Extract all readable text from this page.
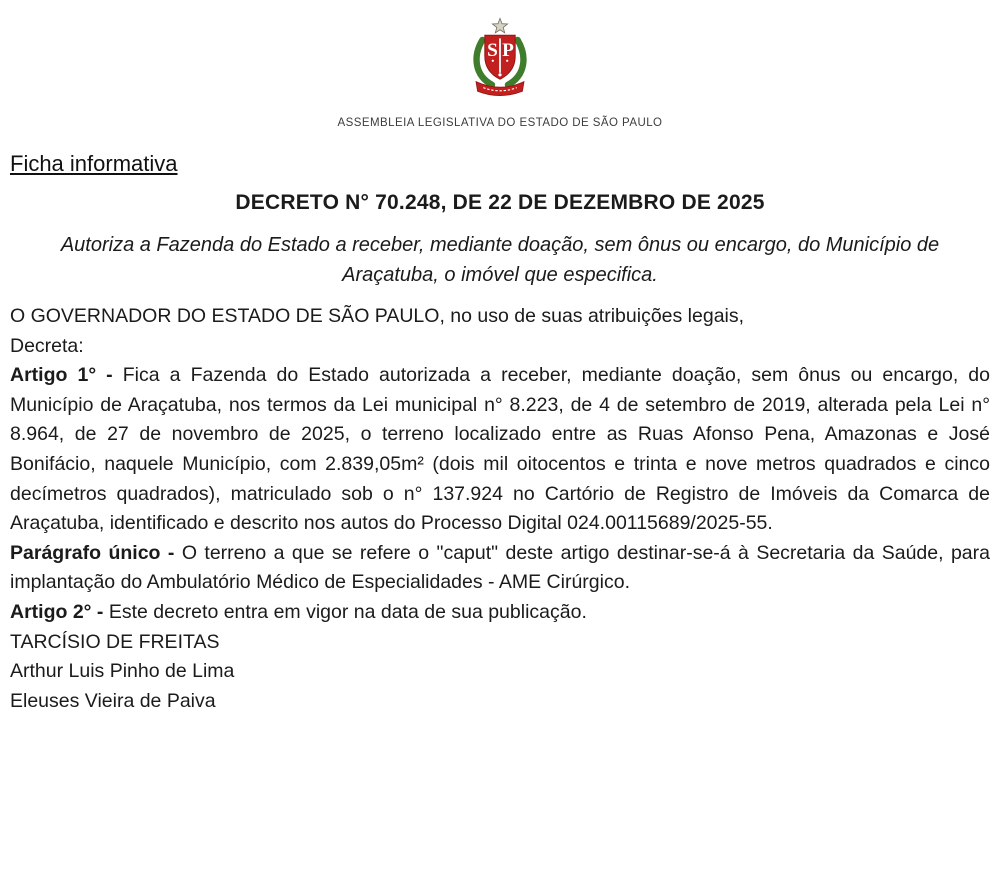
S P
ASSEMBLEIA LEGISLATIVA DO ESTADO DE SÃO PAULO
Ficha informativa
DECRETO N° 70.248, DE 22 DE DEZEMBRO DE 2025

Autoriza a Fazenda do Estado a receber, mediante doação, sem ônus ou encargo, do Município de Araçatuba, o imóvel que especifica.

O GOVERNADOR DO ESTADO DE SÃO PAULO, no uso de suas atribuições legais,
Decreta:

Artigo 1° - Fica a Fazenda do Estado autorizada a receber, mediante doação, sem ônus ou encargo, do Município de Araçatuba, nos termos da Lei municipal n° 8.223, de 4 de setembro de 2019, alterada pela Lei n° 8.964, de 27 de novembro de 2025, o terreno localizado entre as Ruas Afonso Pena, Amazonas e José Bonifácio, naquele Município, com 2.839,05m² (dois mil oitocentos e trinta e nove metros quadrados e cinco decímetros quadrados), matriculado sob o n° 137.924 no Cartório de Registro de Imóveis da Comarca de Araçatuba, identificado e descrito nos autos do Processo Digital 024.00115689/2025-55.

Parágrafo único - O terreno a que se refere o "caput" deste artigo destinar-se-á à Secretaria da Saúde, para implantação do Ambulatório Médico de Especialidades - AME Cirúrgico.

Artigo 2° - Este decreto entra em vigor na data de sua publicação.

TARCÍSIO DE FREITAS

Arthur Luis Pinho de Lima

Eleuses Vieira de Paiva
